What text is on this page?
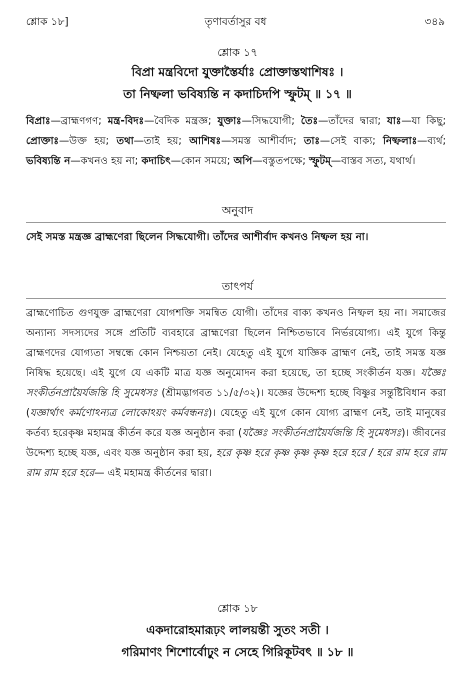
শ্লোক ১৮]	তৃণাবর্তাসুর বধ	৩৪৯
শ্লোক ১৭
বিপ্রা মন্ত্রবিদো যুক্তাস্তৈর্যাঃ প্রোক্তাস্তথাশিষঃ ।
তা নিষ্ফলা ভবিষ্যন্তি ন কদাচিদপি স্ফুটম্‌ ॥ ১৭ ॥
বিপ্রাঃ—ব্রাহ্মণগণ; মন্ত্র-বিদঃ—বৈদিক মন্ত্রজ্ঞ; যুক্তাঃ—সিদ্ধযোগী; তৈঃ—তাঁদের দ্বারা; যাঃ—যা কিছু; প্রোক্তাঃ—উক্ত হয়; তথা—তাই হয়; আশিষঃ—সমস্ত আশীর্বাদ; তাঃ—সেই বাক্য; নিষ্ফলাঃ—ব্যর্থ; ভবিষ্যন্তি ন—কখনও হয় না; কদাচিৎ—কোন সময়ে; অপি—বস্তুতপক্ষে; স্ফুটম্‌—বাস্তব সত্য, যথার্থ।
অনুবাদ
সেই সমস্ত মন্ত্রজ্ঞ ব্রাহ্মণেরা ছিলেন সিদ্ধযোগী। তাঁদের আশীর্বাদ কখনও নিষ্ফল হয় না।
তাৎপর্য
ব্রাহ্মণোচিত গুণযুক্ত ব্রাহ্মণেরা যোগশক্তি সমন্বিত যোগী। তাঁদের বাক্য কখনও নিষ্ফল হয় না। সমাজের অন্যান্য সদস্যদের সঙ্গে প্রতিটি ব্যবহারে ব্রাহ্মণেরা ছিলেন নিশ্চিতভাবে নির্ভরযোগ্য। এই যুগে কিন্তু ব্রাহ্মণদের যোগ্যতা সম্বন্ধে কোন নিশ্চয়তা নেই। যেহেতু এই যুগে যাজ্ঞিক ব্রাহ্মণ নেই, তাই সমস্ত যজ্ঞ নিষিদ্ধ হয়েছে। এই যুগে যে একটি মাত্র যজ্ঞ অনুমোদন করা হয়েছে, তা হচ্ছে সংকীর্তন যজ্ঞ। যজ্ঞৈঃ সংকীর্তনপ্রায়ৈর্যজন্তি হি সুমেধসঃ (শ্রীমদ্ভাগবত ১১/৫/৩২)। যজ্ঞের উদ্দেশ্য হচ্ছে বিষ্ণুর সন্তুষ্টিবিধান করা (যজ্ঞার্থাৎ কর্মণোঽন্যত্র লোকোঽয়ং কর্মবন্ধনঃ)। যেহেতু এই যুগে কোন যোগ্য ব্রাহ্মণ নেই, তাই মানুষের কর্তব্য হরেকৃষ্ণ মহামন্ত্র কীর্তন করে যজ্ঞ অনুষ্ঠান করা (যজ্ঞৈঃ সংকীর্তনপ্রায়ৈর্যজন্তি হি সুমেধসঃ)। জীবনের উদ্দেশ্য হচ্ছে যজ্ঞ, এবং যজ্ঞ অনুষ্ঠান করা হয়, হরে কৃষ্ণ হরে কৃষ্ণ কৃষ্ণ কৃষ্ণ হরে হরে / হরে রাম হরে রাম রাম রাম হরে হরে— এই মহামন্ত্র কীর্তনের দ্বারা।
শ্লোক ১৮
একদারোহমারূঢ়ং লালয়ন্তী সুতং সতী ।
গরিমাণং শিশোর্বোঢ়ুং ন সেহে গিরিকূটবৎ ॥ ১৮ ॥
